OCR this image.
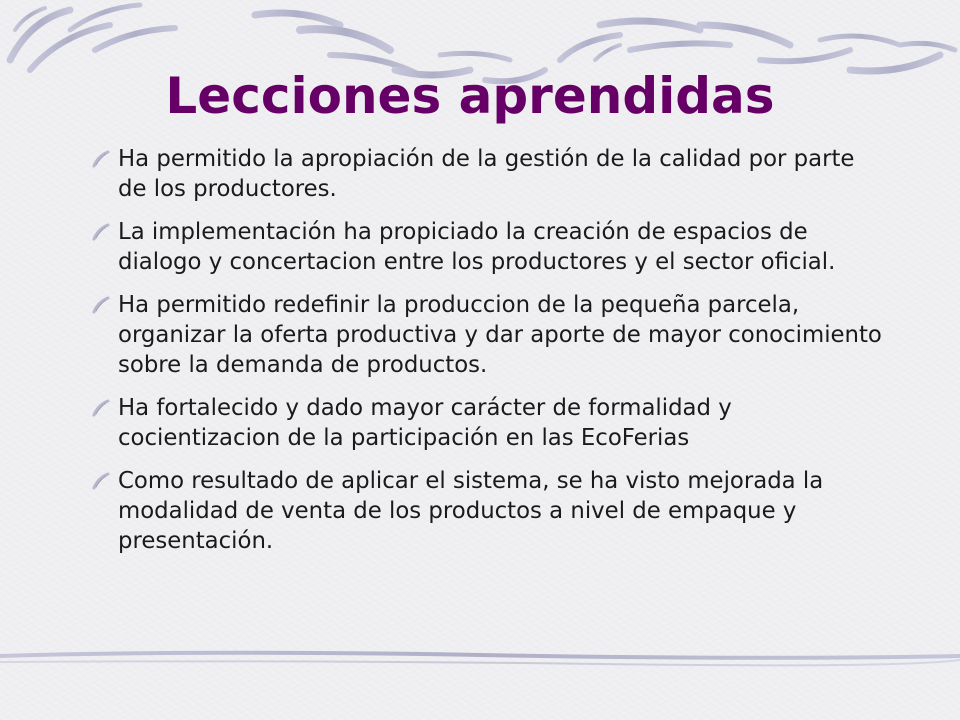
Lecciones aprendidas
Ha permitido la apropiación de la gestión de la calidad por parte de los productores.
La implementación ha propiciado la creación de espacios de dialogo y concertacion entre los productores y el sector oficial.
Ha permitido redefinir la produccion de la pequeña parcela, organizar la oferta productiva y dar aporte de mayor conocimiento sobre la demanda de productos.
Ha fortalecido y dado mayor carácter de formalidad y cocientizacion de la participación en las EcoFerias
Como resultado de aplicar el sistema, se ha visto mejorada la modalidad de venta de los productos a nivel de empaque y presentación.
